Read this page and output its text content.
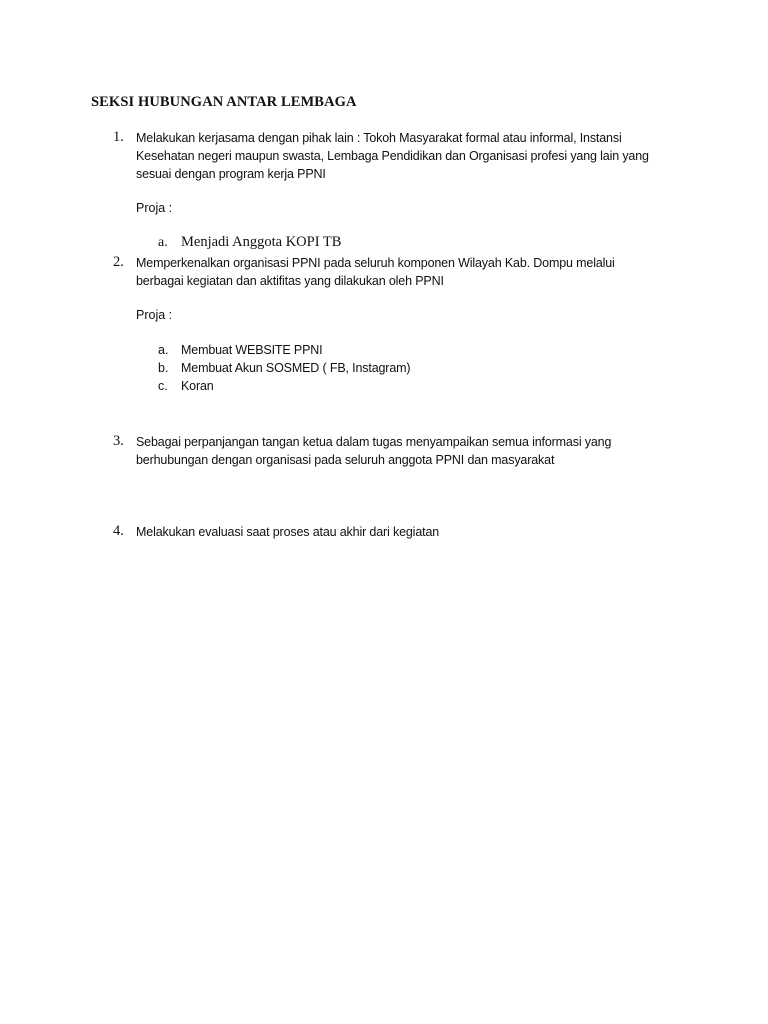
SEKSI HUBUNGAN ANTAR LEMBAGA
1. Melakukan kerjasama dengan pihak lain : Tokoh Masyarakat formal atau informal, Instansi
Kesehatan negeri maupun swasta, Lembaga Pendidikan dan Organisasi profesi yang lain yang
sesuai dengan program kerja PPNI
Proja :
a. Menjadi Anggota KOPI TB
2. Memperkenalkan organisasi PPNI pada seluruh komponen Wilayah Kab. Dompu melalui
berbagai kegiatan dan aktifitas yang dilakukan oleh PPNI
Proja :
a. Membuat WEBSITE PPNI
b. Membuat Akun SOSMED ( FB, Instagram)
c. Koran
3. Sebagai perpanjangan tangan ketua dalam tugas menyampaikan semua informasi yang
berhubungan dengan organisasi pada seluruh anggota PPNI dan masyarakat
4. Melakukan evaluasi saat proses atau akhir dari kegiatan
